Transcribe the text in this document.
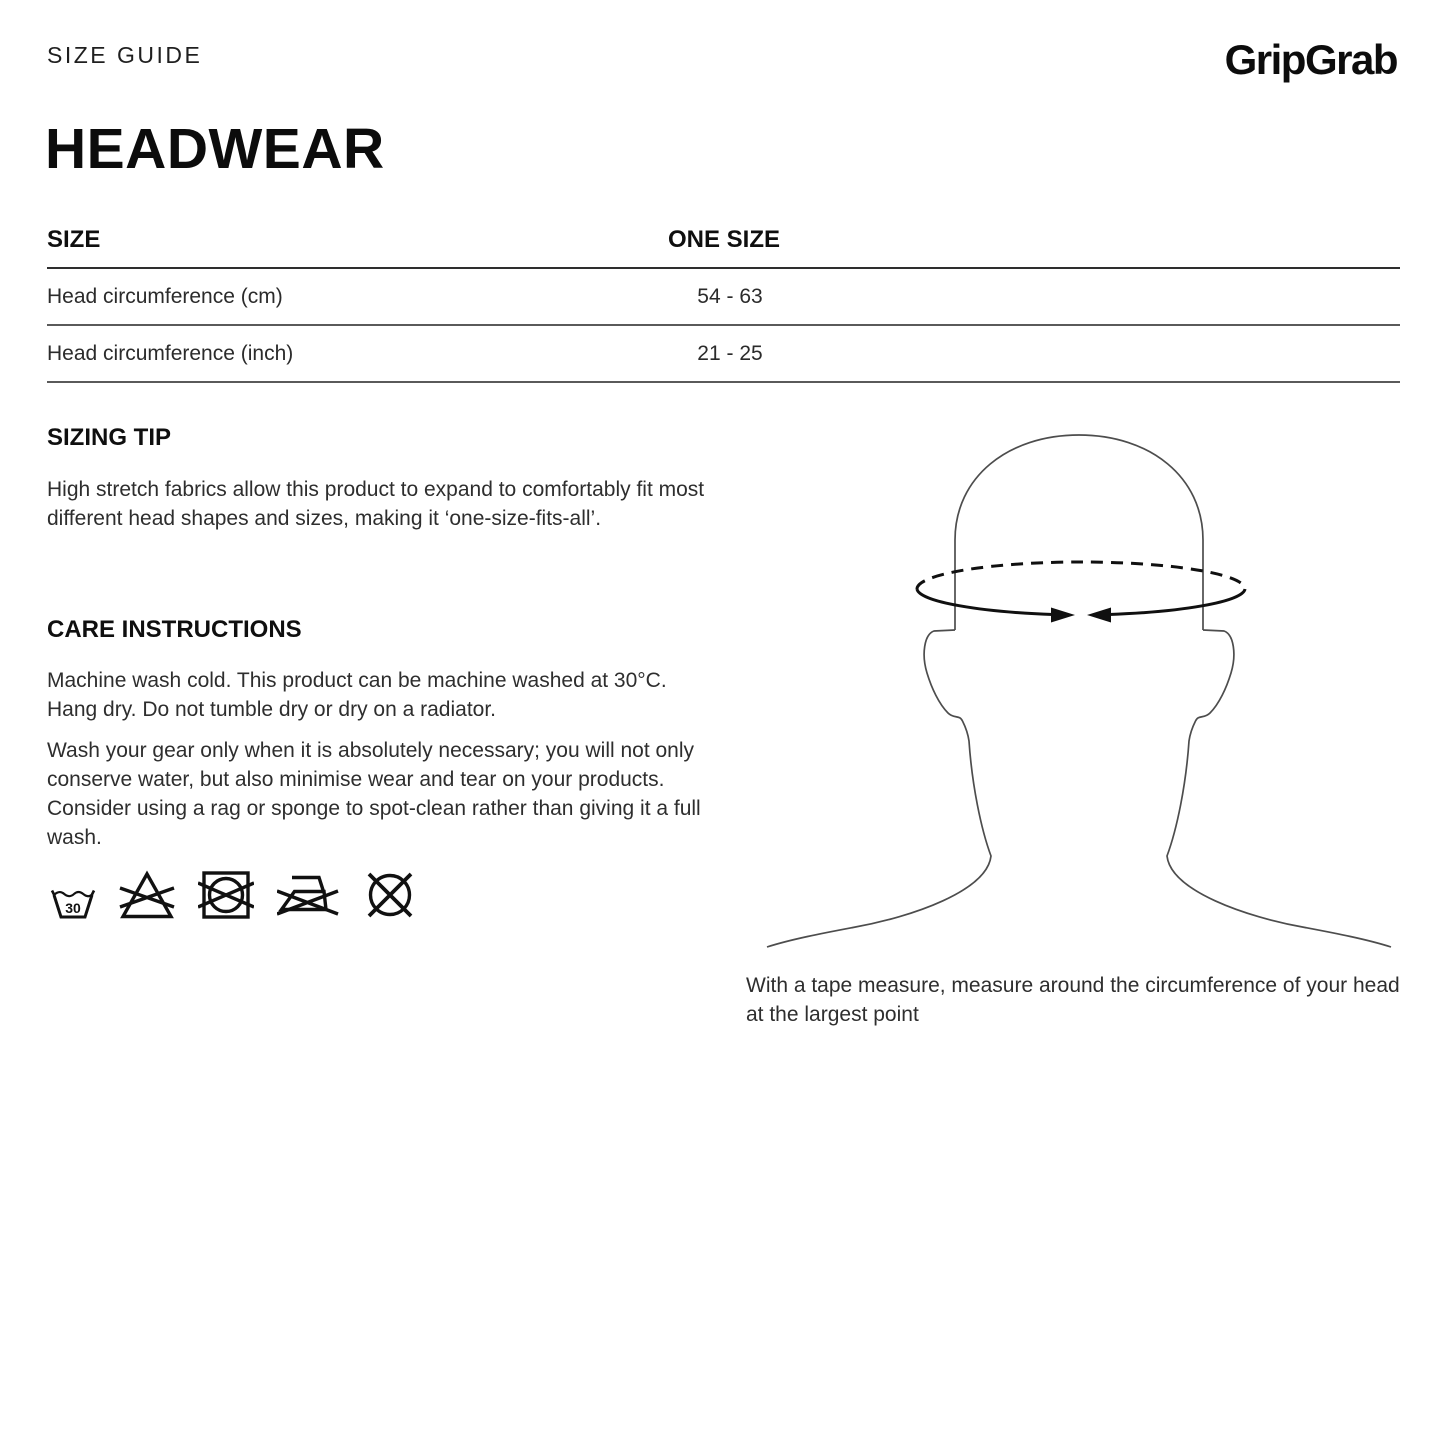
SIZE GUIDE	GripGrab
HEADWEAR
SIZE	ONE SIZE
Head circumference (cm)	54 - 63
Head circumference (inch)	21 - 25
SIZING TIP

High stretch fabrics allow this product to expand to comfortably fit most different head shapes and sizes, making it ‘one-size-fits-all’.

CARE INSTRUCTIONS

Machine wash cold. This product can be machine washed at 30°C. Hang dry. Do not tumble dry or dry on a radiator.

Wash your gear only when it is absolutely necessary; you will not only conserve water, but also minimise wear and tear on your products. Consider using a rag or sponge to spot-clean rather than giving it a full wash.

30

With a tape measure, measure around the circumference of your head at the largest point
